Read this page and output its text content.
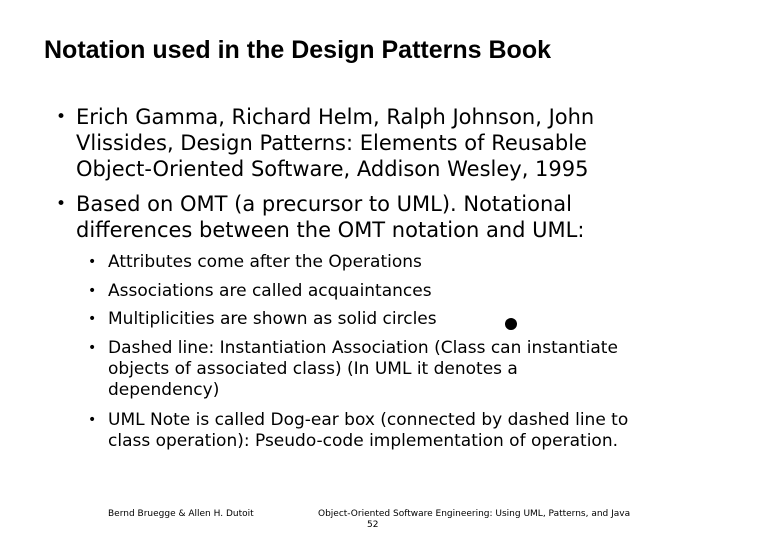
Notation used in the Design Patterns Book
• Erich Gamma, Richard Helm, Ralph Johnson, John
Vlissides, Design Patterns: Elements of Reusable
Object-Oriented Software, Addison Wesley, 1995
• Based on OMT (a precursor to UML). Notational
differences between the OMT notation and UML:
• Attributes come after the Operations
• Associations are called acquaintances
• Multiplicities are shown as solid circles
• Dashed line: Instantiation Association (Class can instantiate
objects of associated class) (In UML it denotes a
dependency)
• UML Note is called Dog-ear box (connected by dashed line to
class operation): Pseudo-code implementation of operation.
Bernd Bruegge & Allen H. Dutoit	Object-Oriented Software Engineering: Using UML, Patterns, and Java
52
